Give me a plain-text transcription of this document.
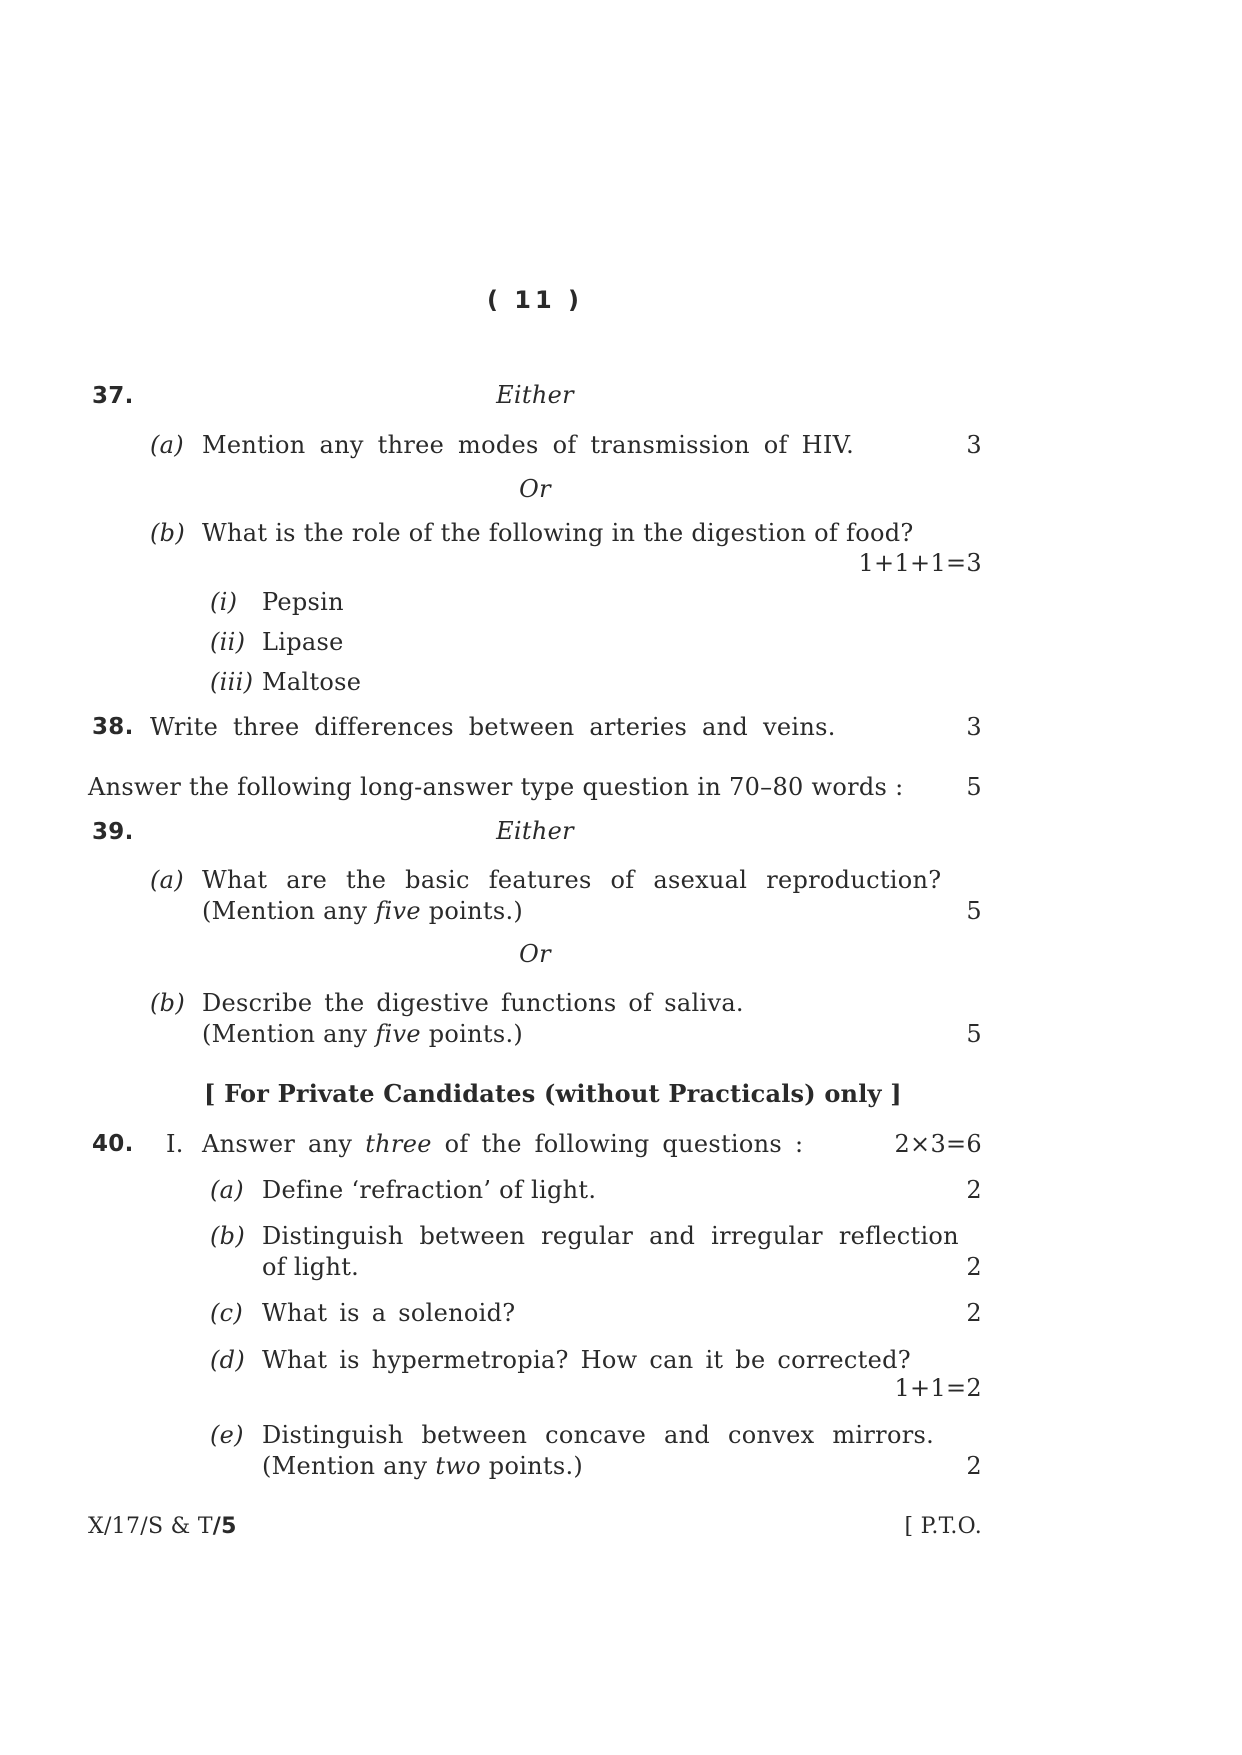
( 11 )
37.	Either
(a) Mention any three modes of transmission of HIV.	3
Or
(b) What is the role of the following in the digestion of food?
1+1+1=3
(i) Pepsin
(ii) Lipase
(iii) Maltose
38. Write three differences between arteries and veins.	3
Answer the following long-answer type question in 70–80 words :	5
39.	Either
(a) What are the basic features of asexual reproduction?
(Mention any five points.)	5
Or
(b) Describe the digestive functions of saliva.
(Mention any five points.)	5
[ For Private Candidates (without Practicals) only ]
40. I. Answer any three of the following questions :	2×3=6
(a) Define ‘refraction’ of light.	2
(b) Distinguish between regular and irregular reflection
of light.	2
(c) What is a solenoid?	2
(d) What is hypermetropia? How can it be corrected?
1+1=2
(e) Distinguish between concave and convex mirrors.
(Mention any two points.)	2
X/17/S & T/5	[ P.T.O.
